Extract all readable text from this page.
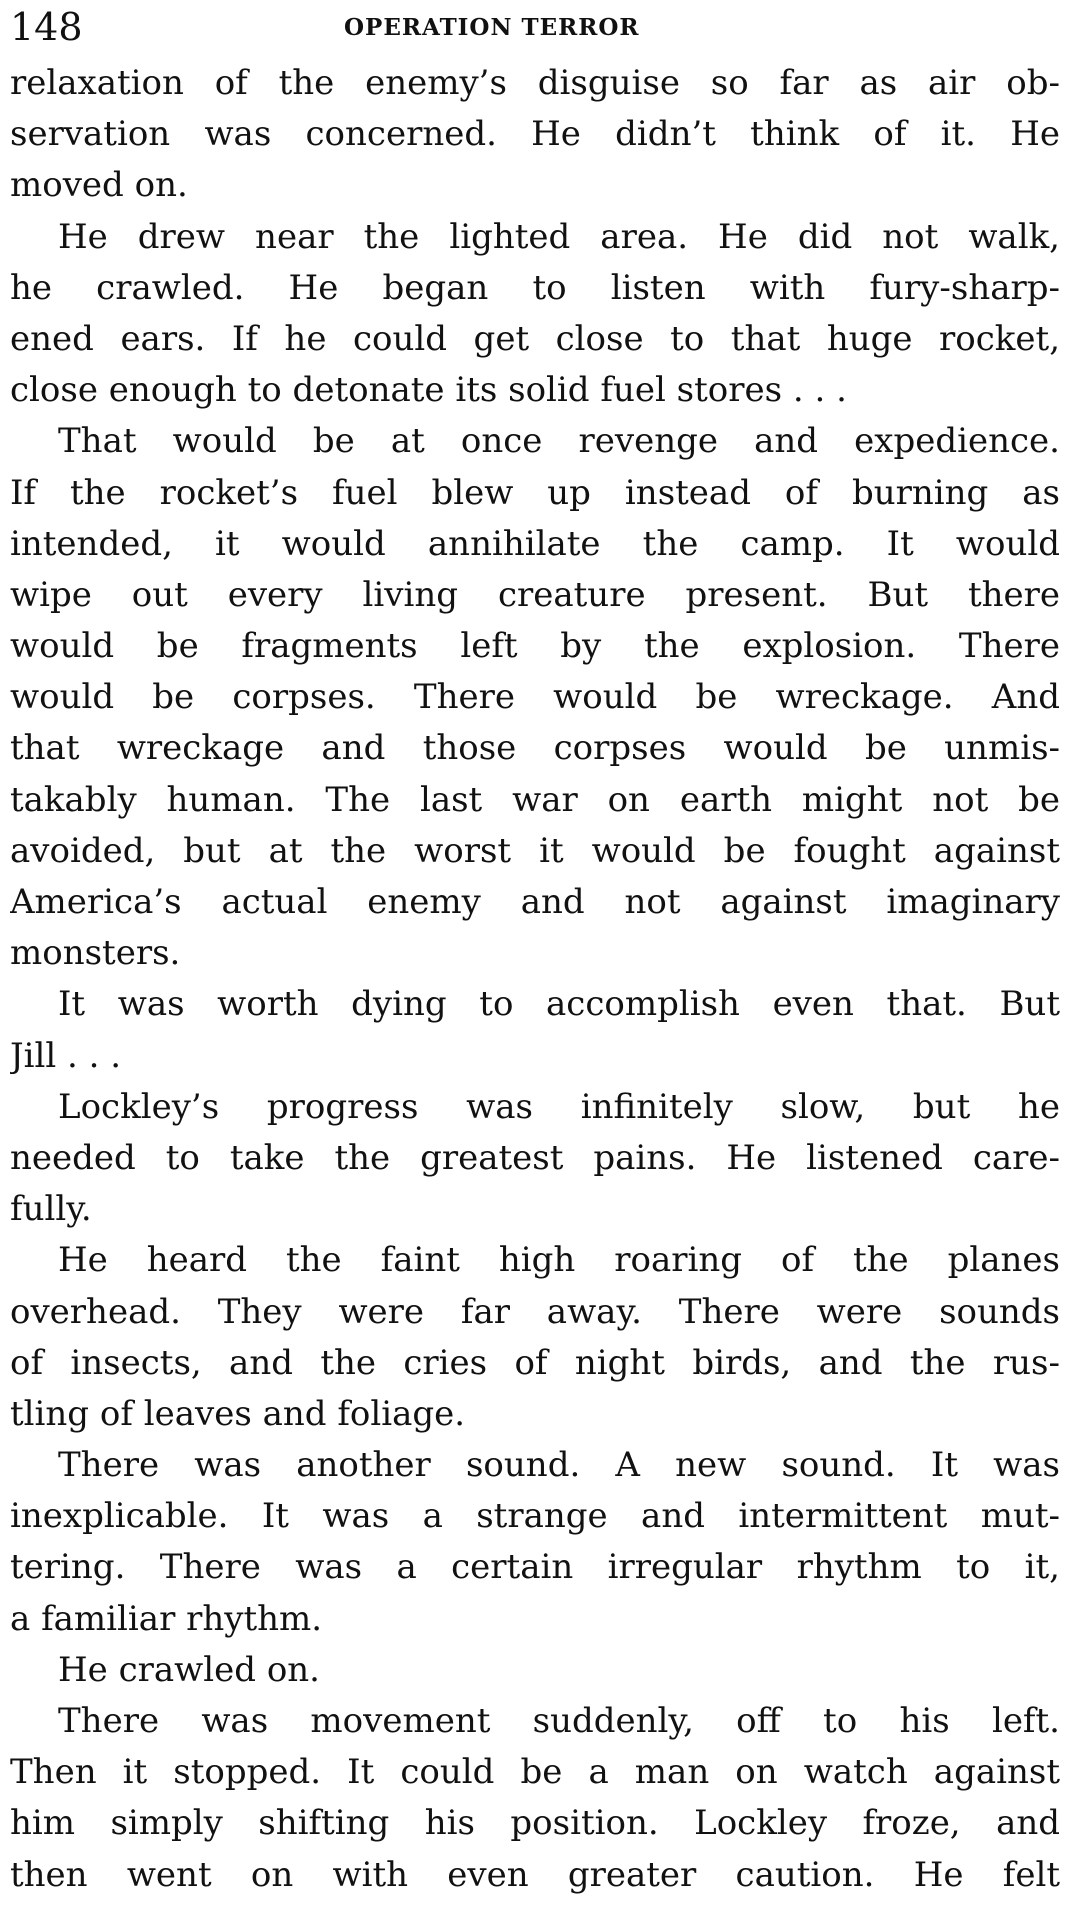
148	OPERATION TERROR
relaxation of the enemy’s disguise so far as air ob-
servation was concerned. He didn’t think of it. He
moved on.
He drew near the lighted area. He did not walk,
he crawled. He began to listen with fury-sharp-
ened ears. If he could get close to that huge rocket,
close enough to detonate its solid fuel stores . . .
That would be at once revenge and expedience.
If the rocket’s fuel blew up instead of burning as
intended, it would annihilate the camp. It would
wipe out every living creature present. But there
would be fragments left by the explosion. There
would be corpses. There would be wreckage. And
that wreckage and those corpses would be unmis-
takably human. The last war on earth might not be
avoided, but at the worst it would be fought against
America’s actual enemy and not against imaginary
monsters.
It was worth dying to accomplish even that. But
Jill . . .
Lockley’s progress was infinitely slow, but he
needed to take the greatest pains. He listened care-
fully.
He heard the faint high roaring of the planes
overhead. They were far away. There were sounds
of insects, and the cries of night birds, and the rus-
tling of leaves and foliage.
There was another sound. A new sound. It was
inexplicable. It was a strange and intermittent mut-
tering. There was a certain irregular rhythm to it,
a familiar rhythm.
He crawled on.
There was movement suddenly, off to his left.
Then it stopped. It could be a man on watch against
him simply shifting his position. Lockley froze, and
then went on with even greater caution. He felt
